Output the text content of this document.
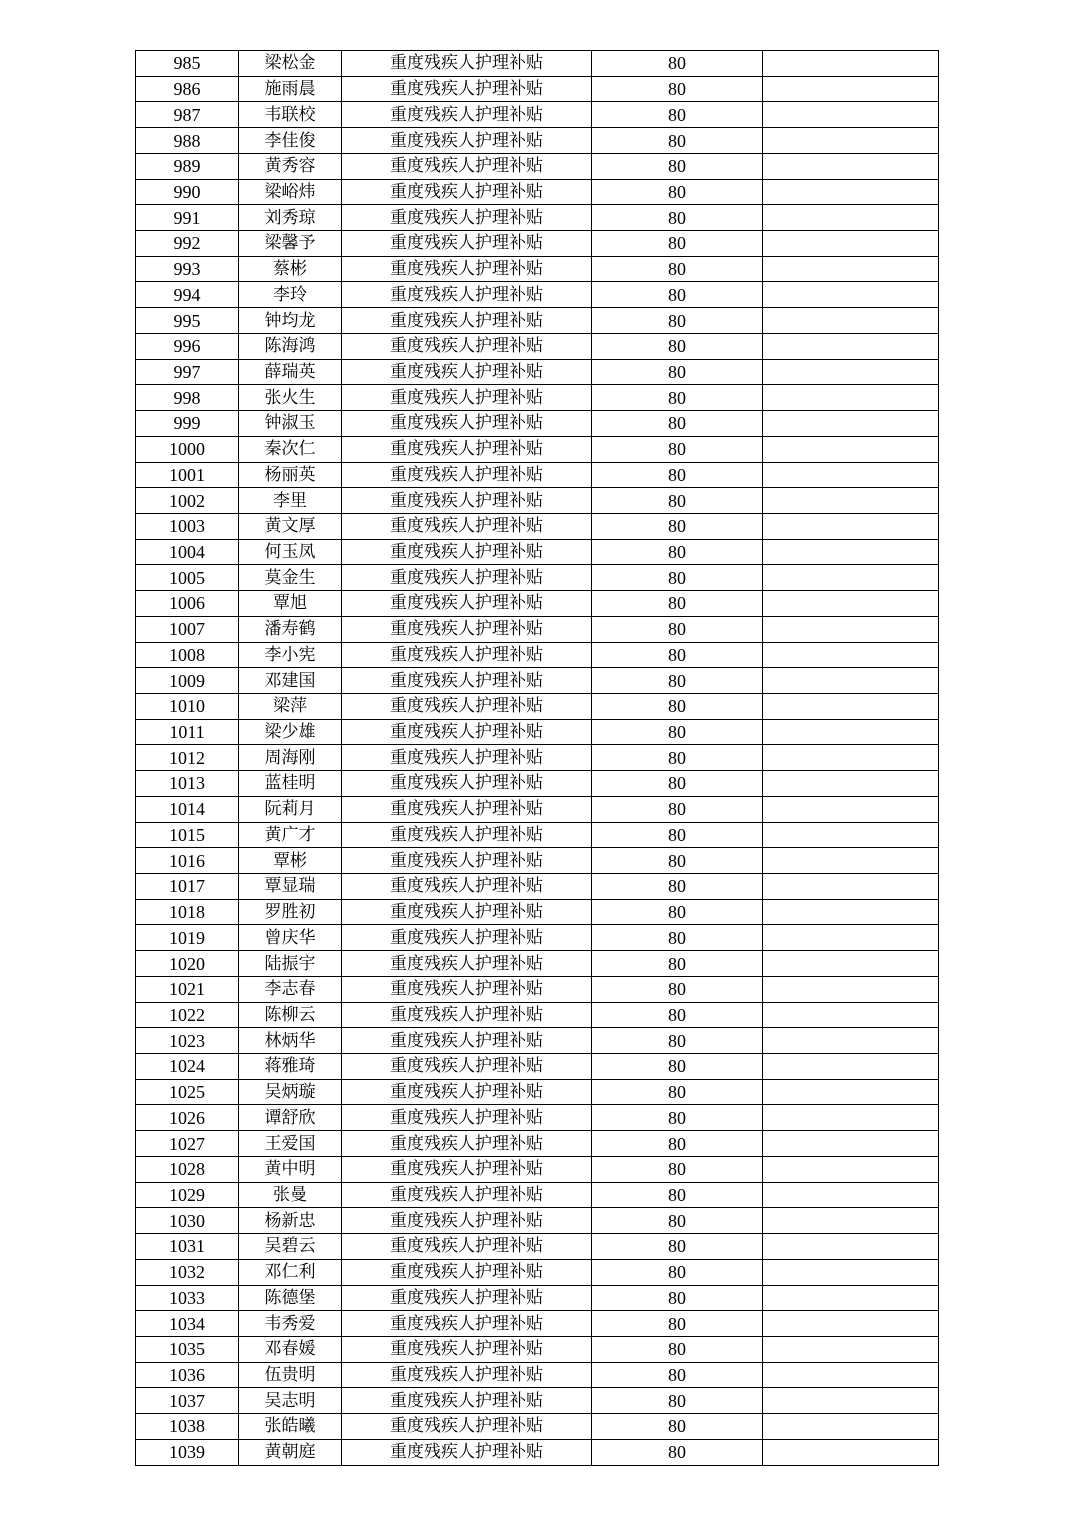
985	梁松金	重度残疾人护理补贴	80	
986	施雨晨	重度残疾人护理补贴	80	
987	韦联校	重度残疾人护理补贴	80	
988	李佳俊	重度残疾人护理补贴	80	
989	黄秀容	重度残疾人护理补贴	80	
990	梁峪炜	重度残疾人护理补贴	80	
991	刘秀琼	重度残疾人护理补贴	80	
992	梁馨予	重度残疾人护理补贴	80	
993	蔡彬	重度残疾人护理补贴	80	
994	李玲	重度残疾人护理补贴	80	
995	钟均龙	重度残疾人护理补贴	80	
996	陈海鸿	重度残疾人护理补贴	80	
997	薛瑞英	重度残疾人护理补贴	80	
998	张火生	重度残疾人护理补贴	80	
999	钟淑玉	重度残疾人护理补贴	80	
1000	秦次仁	重度残疾人护理补贴	80	
1001	杨丽英	重度残疾人护理补贴	80	
1002	李里	重度残疾人护理补贴	80	
1003	黄文厚	重度残疾人护理补贴	80	
1004	何玉凤	重度残疾人护理补贴	80	
1005	莫金生	重度残疾人护理补贴	80	
1006	覃旭	重度残疾人护理补贴	80	
1007	潘寿鹤	重度残疾人护理补贴	80	
1008	李小宪	重度残疾人护理补贴	80	
1009	邓建国	重度残疾人护理补贴	80	
1010	梁萍	重度残疾人护理补贴	80	
1011	梁少雄	重度残疾人护理补贴	80	
1012	周海刚	重度残疾人护理补贴	80	
1013	蓝桂明	重度残疾人护理补贴	80	
1014	阮莉月	重度残疾人护理补贴	80	
1015	黄广才	重度残疾人护理补贴	80	
1016	覃彬	重度残疾人护理补贴	80	
1017	覃显瑞	重度残疾人护理补贴	80	
1018	罗胜初	重度残疾人护理补贴	80	
1019	曾庆华	重度残疾人护理补贴	80	
1020	陆振宇	重度残疾人护理补贴	80	
1021	李志春	重度残疾人护理补贴	80	
1022	陈柳云	重度残疾人护理补贴	80	
1023	林炳华	重度残疾人护理补贴	80	
1024	蒋雅琦	重度残疾人护理补贴	80	
1025	吴炳璇	重度残疾人护理补贴	80	
1026	谭舒欣	重度残疾人护理补贴	80	
1027	王爱国	重度残疾人护理补贴	80	
1028	黄中明	重度残疾人护理补贴	80	
1029	张曼	重度残疾人护理补贴	80	
1030	杨新忠	重度残疾人护理补贴	80	
1031	吴碧云	重度残疾人护理补贴	80	
1032	邓仁利	重度残疾人护理补贴	80	
1033	陈德堡	重度残疾人护理补贴	80	
1034	韦秀爱	重度残疾人护理补贴	80	
1035	邓春媛	重度残疾人护理补贴	80	
1036	伍贵明	重度残疾人护理补贴	80	
1037	吴志明	重度残疾人护理补贴	80	
1038	张皓曦	重度残疾人护理补贴	80	
1039	黄朝庭	重度残疾人护理补贴	80	
